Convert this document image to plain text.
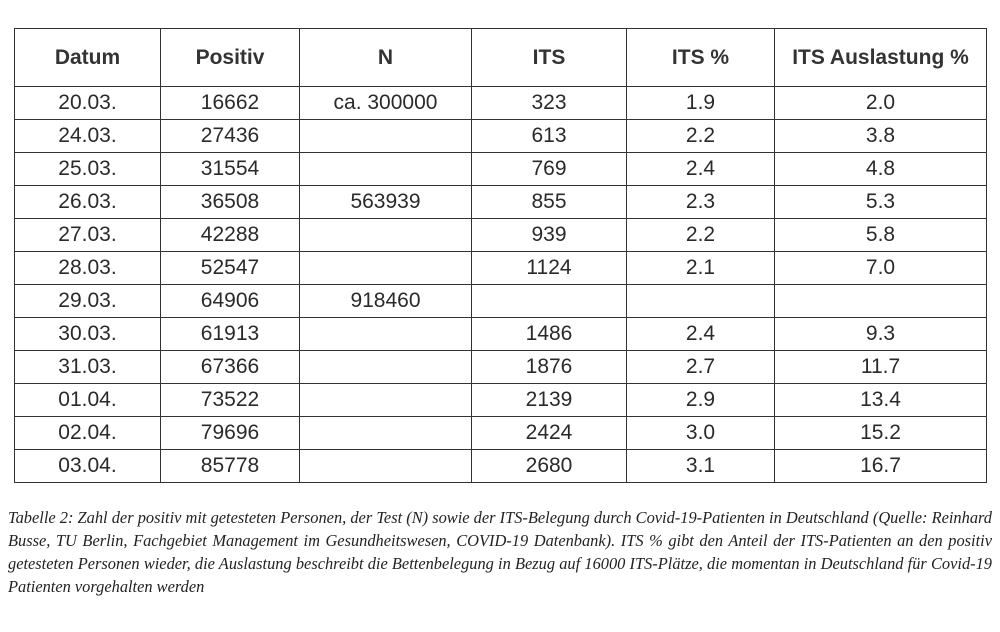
Datum	Positiv	N	ITS	ITS %	ITS Auslastung %
20.03.	16662	ca. 300000	323	1.9	2.0
24.03.	27436		613	2.2	3.8
25.03.	31554		769	2.4	4.8
26.03.	36508	563939	855	2.3	5.3
27.03.	42288		939	2.2	5.8
28.03.	52547		1124	2.1	7.0
29.03.	64906	918460			
30.03.	61913		1486	2.4	9.3
31.03.	67366		1876	2.7	11.7
01.04.	73522		2139	2.9	13.4
02.04.	79696		2424	3.0	15.2
03.04.	85778		2680	3.1	16.7
Tabelle 2: Zahl der positiv mit getesteten Personen, der Test (N) sowie der ITS-Belegung durch Covid-19-Patienten in Deutschland (Quelle: Reinhard Busse, TU Berlin, Fachgebiet Management im Gesundheitswesen, COVID-19 Datenbank). ITS % gibt den Anteil der ITS-Patienten an den positiv getesteten Personen wieder, die Auslastung beschreibt die Bettenbelegung in Bezug auf 16000 ITS-Plätze, die momentan in Deutschland für Covid-19 Patienten vorgehalten werden
